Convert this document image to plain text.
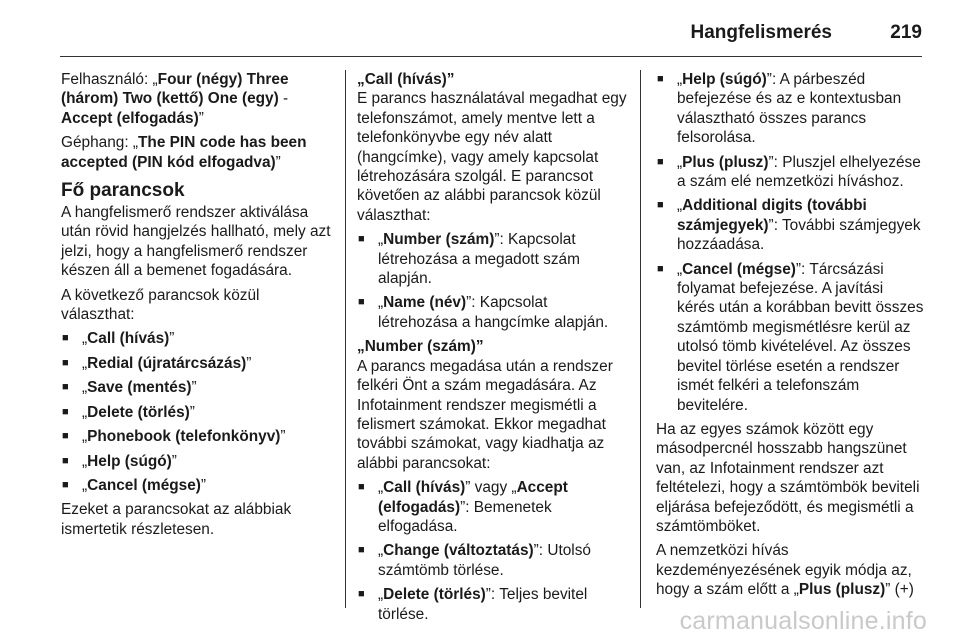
Hangfelismerés	219

Felhasználó: „Four (négy) Three (három) Two (kettő) One (egy) - Accept (elfogadás)”

Géphang: „The PIN code has been accepted (PIN kód elfogadva)”

Fő parancsok

A hangfelismerő rendszer aktiválása után rövid hangjelzés hallható, mely azt jelzi, hogy a hangfelismerő rendszer készen áll a bemenet fogadására.

A következő parancsok közül választhat:

■ „Call (hívás)”
■ „Redial (újratárcsázás)”
■ „Save (mentés)”
■ „Delete (törlés)”
■ „Phonebook (telefonkönyv)”
■ „Help (súgó)”
■ „Cancel (mégse)”

Ezeket a parancsokat az alábbiak ismertetik részletesen.

„Call (hívás)”

E parancs használatával megadhat egy telefonszámot, amely mentve lett a telefonkönyvbe egy név alatt (hangcímke), vagy amely kapcsolat létrehozására szolgál. E parancsot követően az alábbi parancsok közül választhat:

■ „Number (szám)”: Kapcsolat létrehozása a megadott szám alapján.
■ „Name (név)”: Kapcsolat létrehozása a hangcímke alapján.
„Number (szám)”

A parancs megadása után a rendszer felkéri Önt a szám megadására. Az Infotainment rendszer megismétli a felismert számokat. Ekkor megadhat további számokat, vagy kiadhatja az alábbi parancsokat:

■ „Call (hívás)” vagy „Accept (elfogadás)”: Bemenetek elfogadása.
■ „Change (változtatás)”: Utolsó számtömb törlése.
■ „Delete (törlés)”: Teljes bevitel törlése.
■ „Help (súgó)”: A párbeszéd befejezése és az e kontextusban választható összes parancs felsorolása.
■ „Plus (plusz)”: Pluszjel elhelyezése a szám elé nemzetközi híváshoz.
■ „Additional digits (további számjegyek)”: További számjegyek hozzáadása.
■ „Cancel (mégse)”: Tárcsázási folyamat befejezése. A javítási kérés után a korábban bevitt összes számtömb megismétlésre kerül az utolsó tömb kivételével. Az összes bevitel törlése esetén a rendszer ismét felkéri a telefonszám bevitelére.

Ha az egyes számok között egy másodpercnél hosszabb hangszünet van, az Infotainment rendszer azt feltételezi, hogy a számtömbök beviteli eljárása befejeződött, és megismétli a számtömböket.

A nemzetközi hívás kezdeményezésének egyik módja az, hogy a szám előtt a „Plus (plusz)” (+)

carmanualsonline.info
